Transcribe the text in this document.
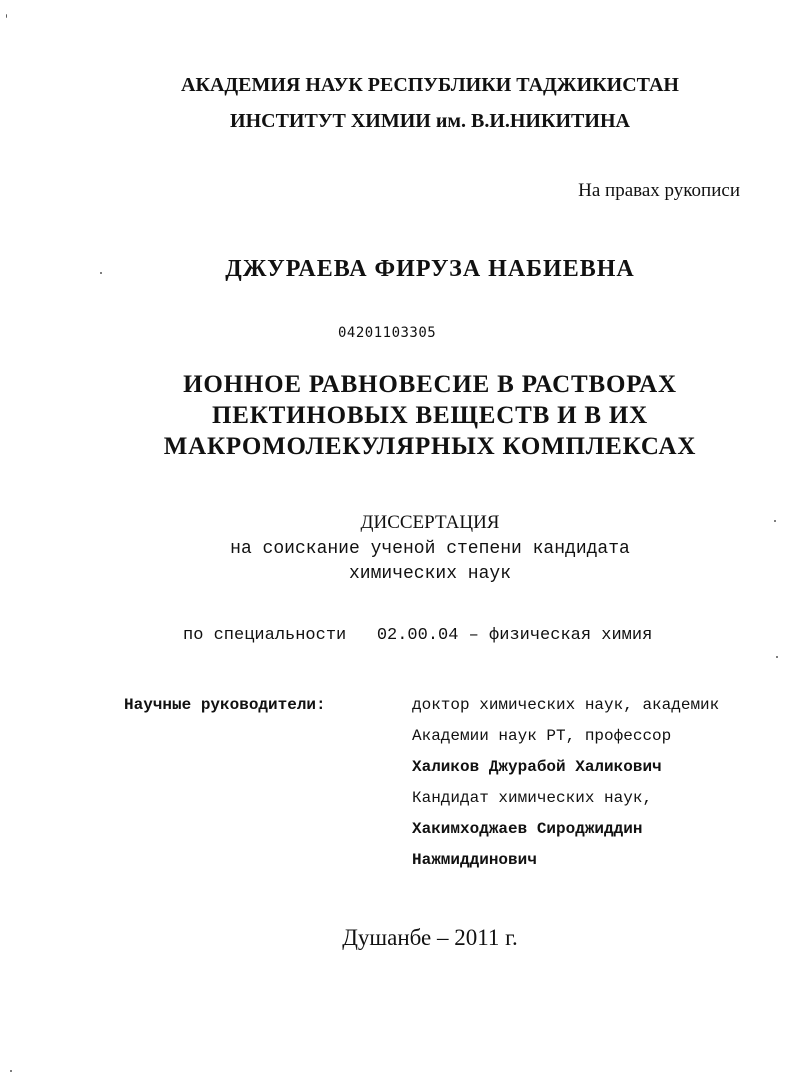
АКАДЕМИЯ НАУК РЕСПУБЛИКИ ТАДЖИКИСТАН
ИНСТИТУТ ХИМИИ им. В.И.НИКИТИНА
На правах рукописи
ДЖУРАЕВА ФИРУЗА НАБИЕВНА
04201103305
ИОННОЕ РАВНОВЕСИЕ В РАСТВОРАХ
ПЕКТИНОВЫХ ВЕЩЕСТВ И В ИХ
МАКРОМОЛЕКУЛЯРНЫХ КОМПЛЕКСАХ
ДИССЕРТАЦИЯ
на соискание ученой степени кандидата
химических наук
по специальности   02.00.04 – физическая химия
Научные руководители:	доктор химических наук, академик
Академии наук РТ, профессор
Халиков Джурабой Халикович
Кандидат химических наук,
Хакимходжаев Сироджиддин
Нажмиддинович
Душанбе – 2011 г.
